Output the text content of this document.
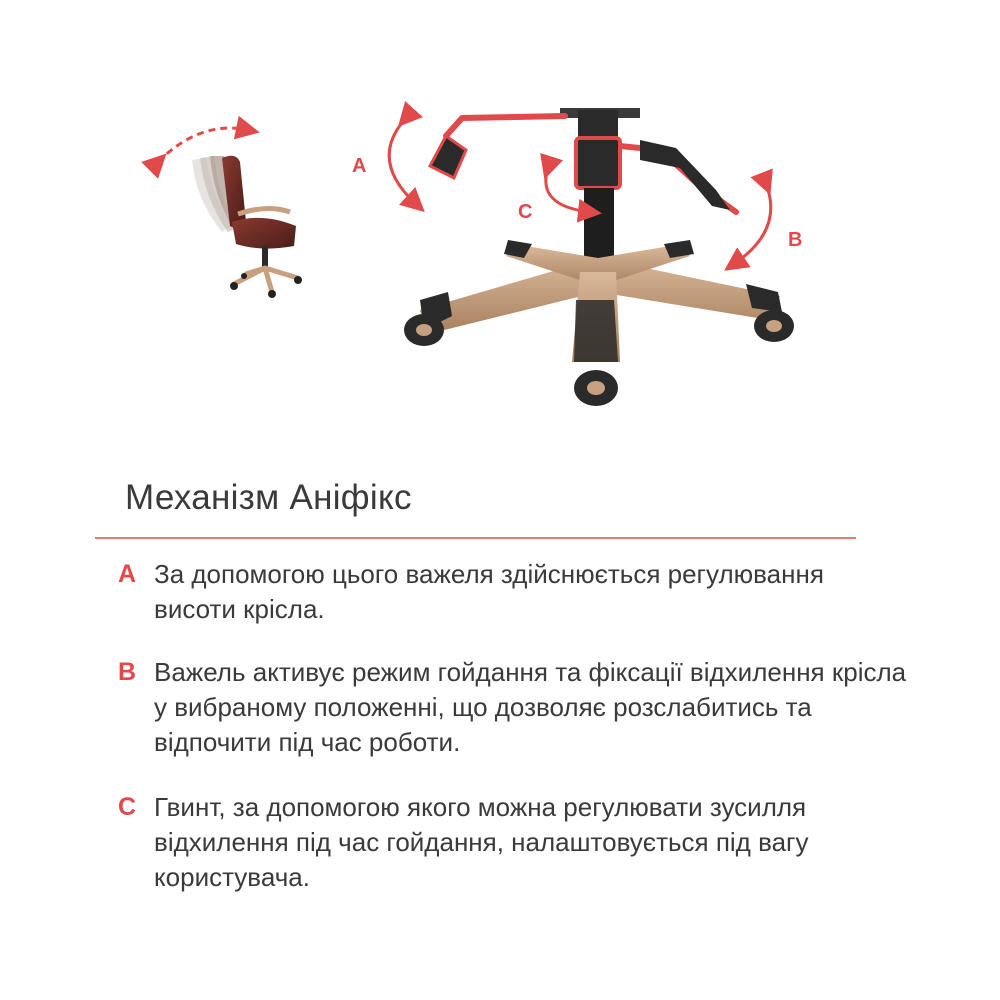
A
B
C
Механізм Аніфікс
A За допомогою цього важеля здійснюється регулювання висоти крісла.
B Важель активує режим гойдання та фіксації відхилення крісла у вибраному положенні, що дозволяє розслабитись та відпочити під час роботи.
C Гвинт, за допомогою якого можна регулювати зусилля відхилення під час гойдання, налаштовується під вагу користувача.
